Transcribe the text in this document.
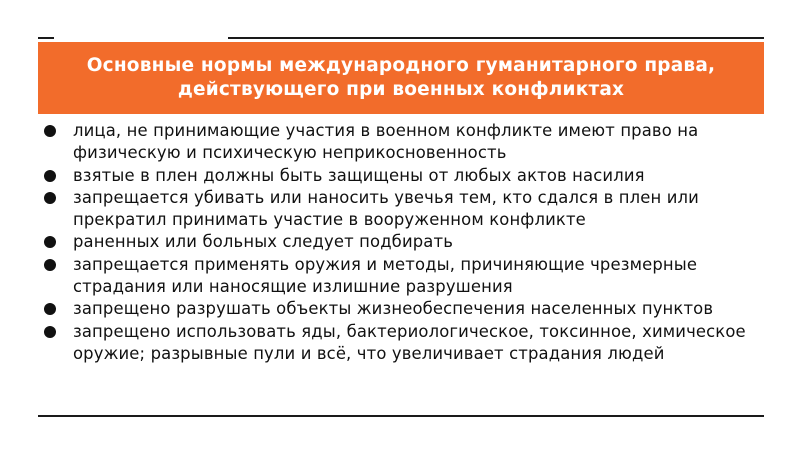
Основные нормы международного гуманитарного права, действующего при военных конфликтах
лица, не принимающие участия в военном конфликте имеют право на физическую и психическую неприкосновенность
взятые в плен должны быть защищены от любых актов насилия
запрещается убивать или наносить увечья тем, кто сдался в плен или прекратил принимать участие в вооруженном конфликте
раненных или больных следует подбирать
запрещается применять оружия и методы, причиняющие чрезмерные страдания или наносящие излишние разрушения
запрещено разрушать объекты жизнеобеспечения населенных пунктов
запрещено использовать яды, бактериологическое, токсинное, химическое оружие; разрывные пули и всё, что увеличивает страдания людей
